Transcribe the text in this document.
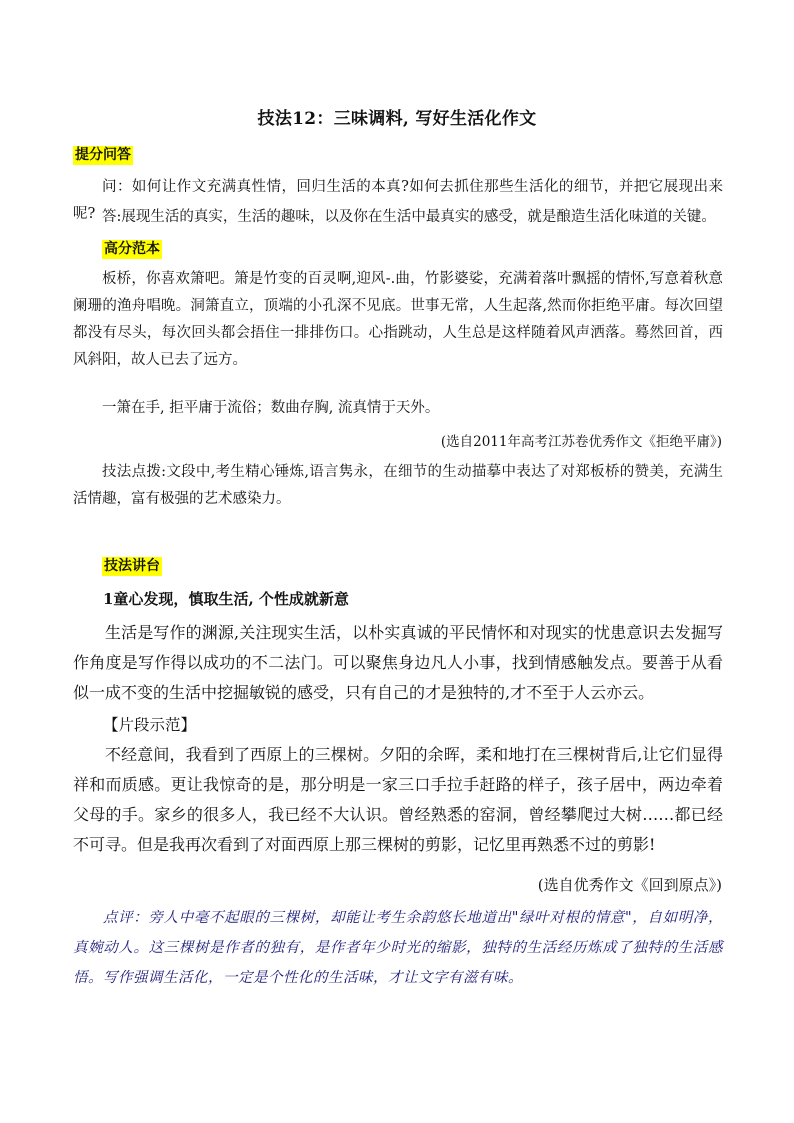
技法12：三味调料, 写好生活化作文
提分问答

问：如何让作文充满真性情，回归生活的本真?如何去抓住那些生活化的细节，并把它展现出来呢? 答:展现生活的真实，生活的趣味，以及你在生活中最真实的感受，就是酿造生活化味道的关键。

高分范本

板桥，你喜欢箫吧。箫是竹变的百灵啊,迎风-.曲，竹影婆娑，充满着落叶飘摇的情怀,写意着秋意阑珊的渔舟唱晚。洞箫直立，顶端的小孔深不见底。世事无常，人生起落,然而你拒绝平庸。每次回望都没有尽头，每次回头都会捂住一排排伤口。心指跳动，人生总是这样随着风声洒落。蓦然回首，西风斜阳，故人已去了远方。

一箫在手, 拒平庸于流俗；数曲存胸, 流真情于天外。

(选自2011年高考江苏卷优秀作文《拒绝平庸》)

技法点拨:文段中,考生精心锤炼,语言隽永，在细节的生动描摹中表达了对郑板桥的赞美，充满生活情趣，富有极强的艺术感染力。

技法讲台
1童心发现，慎取生活, 个性成就新意

生活是写作的渊源,关注现实生活，以朴实真诚的平民情怀和对现实的忧患意识去发掘写作角度是写作得以成功的不二法门。可以聚焦身边凡人小事，找到情感触发点。要善于从看似一成不变的生活中挖掘敏锐的感受，只有自己的才是独特的,才不至于人云亦云。

【片段示范】

不经意间，我看到了西原上的三棵树。夕阳的余晖，柔和地打在三棵树背后,让它们显得祥和而质感。更让我惊奇的是，那分明是一家三口手拉手赶路的样子，孩子居中，两边牵着父母的手。家乡的很多人，我已经不大认识。曾经熟悉的窑洞，曾经攀爬过大树……都已经不可寻。但是我再次看到了对面西原上那三棵树的剪影，记忆里再熟悉不过的剪影!

(选自优秀作文《回到原点》)

点评：旁人中毫不起眼的三棵树，却能让考生余韵悠长地道出"绿叶对根的情意"，自如明净，真婉动人。这三棵树是作者的独有，是作者年少时光的缩影，独特的生活经历炼成了独特的生活感悟。写作强调生活化，一定是个性化的生活味，才让文字有滋有味。
